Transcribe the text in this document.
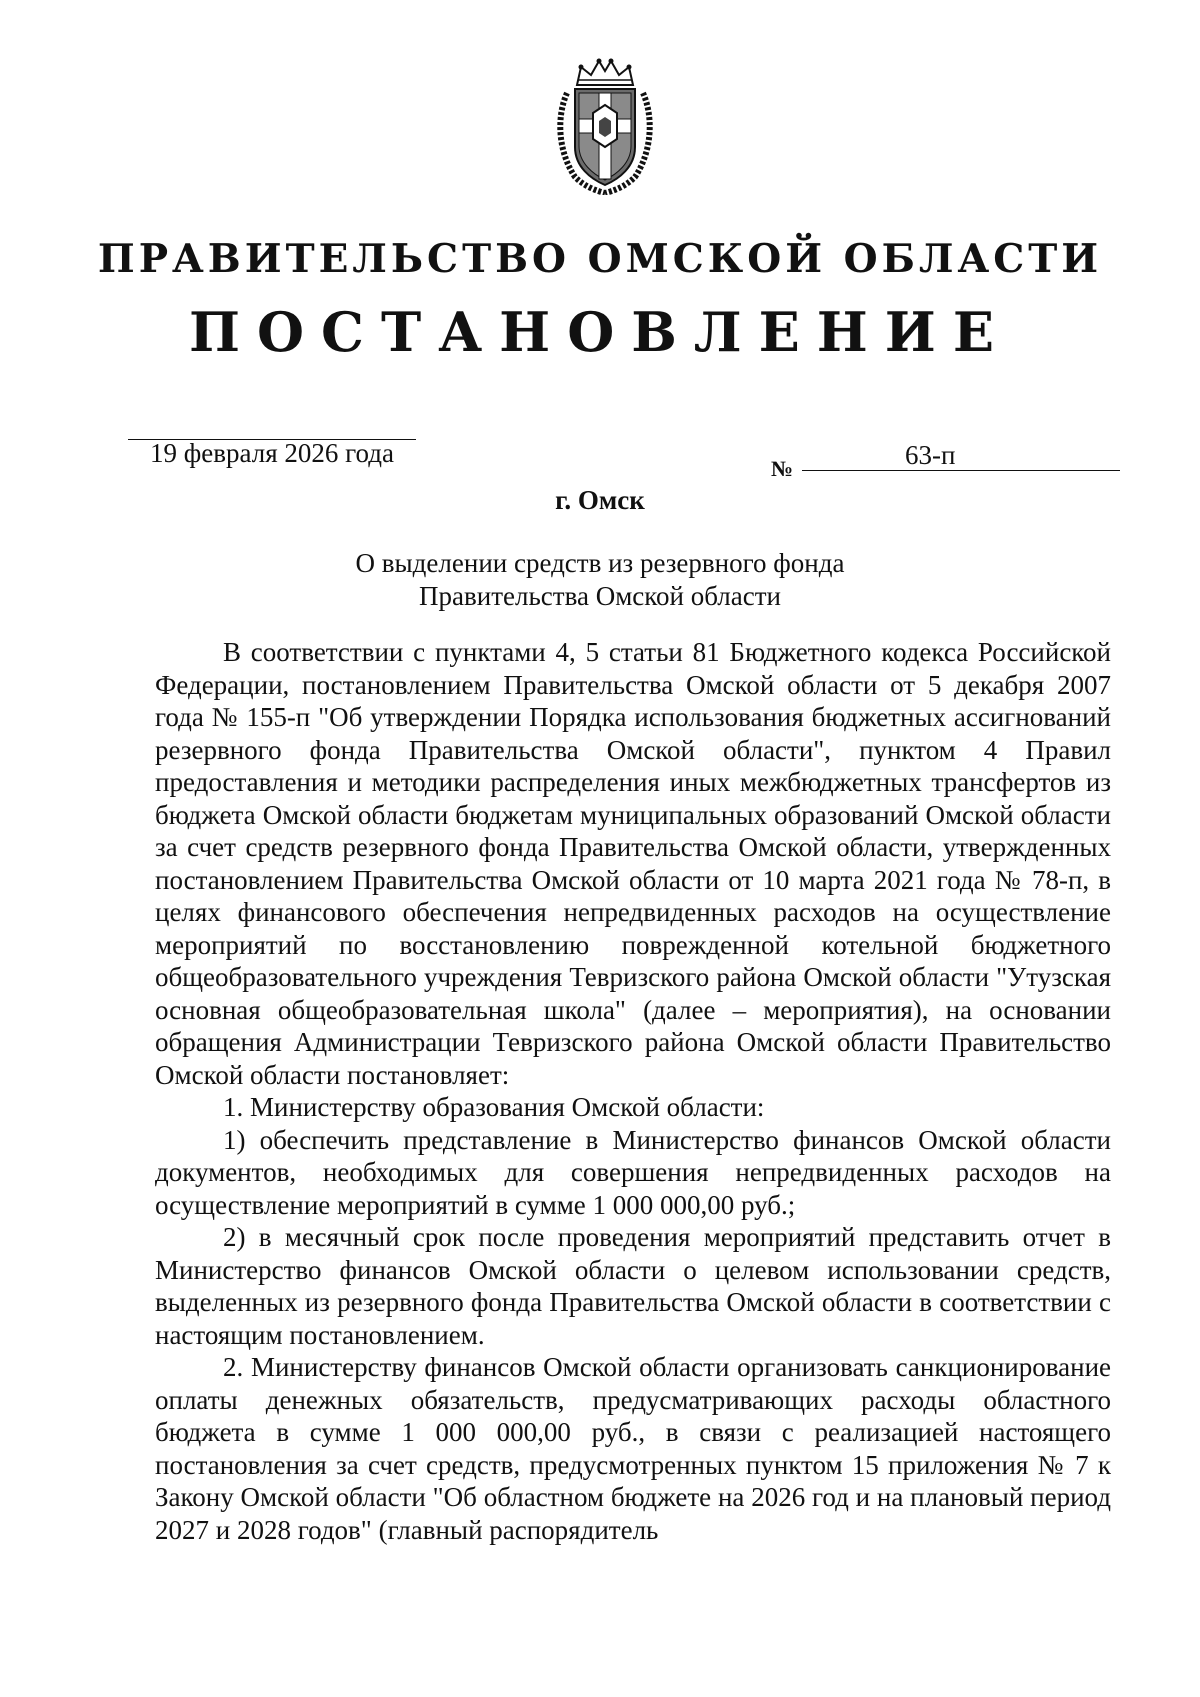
ПРАВИТЕЛЬСТВО ОМСКОЙ ОБЛАСТИ
ПОСТАНОВЛЕНИЕ
19 февраля 2026 года
№	63-п
г. Омск
О выделении средств из резервного фонда
Правительства Омской области

В соответствии с пунктами 4, 5 статьи 81 Бюджетного кодекса Российской Федерации, постановлением Правительства Омской области от 5 декабря 2007 года № 155-п "Об утверждении Порядка использования бюджетных ассигнований резервного фонда Правительства Омской области", пунктом 4 Правил предоставления и методики распределения иных межбюджетных трансфертов из бюджета Омской области бюджетам муниципальных образований Омской области за счет средств резервного фонда Правительства Омской области, утвержденных постановлением Правительства Омской области от 10 марта 2021 года № 78-п, в целях финансового обеспечения непредвиденных расходов на осуществление мероприятий по восстановлению поврежденной котельной бюджетного общеобразовательного учреждения Тевризского района Омской области "Утузская основная общеобразовательная школа" (далее – мероприятия), на основании обращения Администрации Тевризского района Омской области Правительство Омской области постановляет:

1. Министерству образования Омской области:

1) обеспечить представление в Министерство финансов Омской области документов, необходимых для совершения непредвиденных расходов на осуществление мероприятий в сумме 1 000 000,00 руб.;

2) в месячный срок после проведения мероприятий представить отчет в Министерство финансов Омской области о целевом использовании средств, выделенных из резервного фонда Правительства Омской области в соответствии с настоящим постановлением.

2. Министерству финансов Омской области организовать санкционирование оплаты денежных обязательств, предусматривающих расходы областного бюджета в сумме 1 000 000,00 руб., в связи с реализацией настоящего постановления за счет средств, предусмотренных пунктом 15 приложения № 7 к Закону Омской области "Об областном бюджете на 2026 год и на плановый период 2027 и 2028 годов" (главный распорядитель
